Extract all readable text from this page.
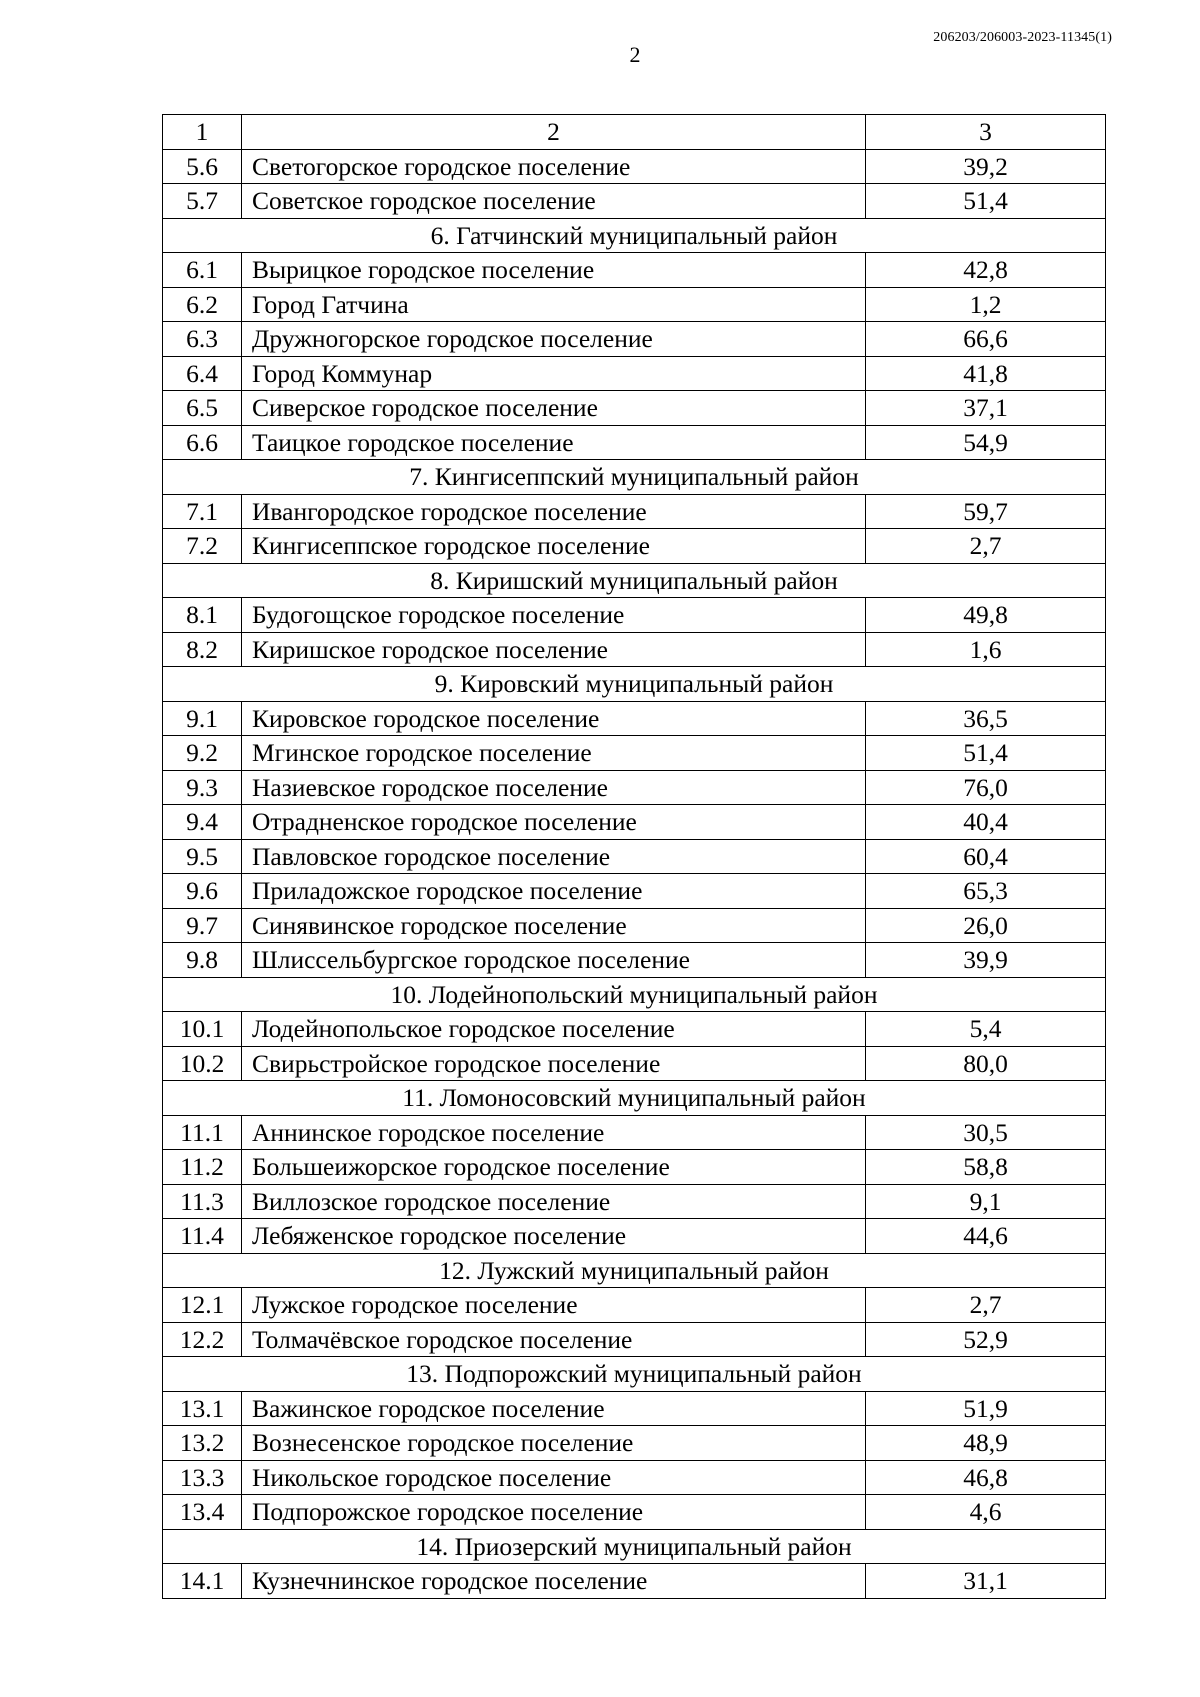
206203/206003-2023-11345(1)
2
1	2	3
5.6	Светогорское городское поселение	39,2
5.7	Советское городское поселение	51,4
6. Гатчинский муниципальный район		
6.1	Вырицкое городское поселение	42,8
6.2	Город Гатчина	1,2
6.3	Дружногорское городское поселение	66,6
6.4	Город Коммунар	41,8
6.5	Сиверское городское поселение	37,1
6.6	Таицкое городское поселение	54,9
7. Кингисеппский муниципальный район		
7.1	Ивангородское городское поселение	59,7
7.2	Кингисеппское городское поселение	2,7
8. Киришский муниципальный район		
8.1	Будогощское городское поселение	49,8
8.2	Киришское городское поселение	1,6
9. Кировский муниципальный район		
9.1	Кировское городское поселение	36,5
9.2	Мгинское городское поселение	51,4
9.3	Назиевское городское поселение	76,0
9.4	Отрадненское городское поселение	40,4
9.5	Павловское городское поселение	60,4
9.6	Приладожское городское поселение	65,3
9.7	Синявинское городское поселение	26,0
9.8	Шлиссельбургское городское поселение	39,9
10. Лодейнопольский муниципальный район		
10.1	Лодейнопольское городское поселение	5,4
10.2	Свирьстройское городское поселение	80,0
11. Ломоносовский муниципальный район		
11.1	Аннинское городское поселение	30,5
11.2	Большеижорское городское поселение	58,8
11.3	Виллозское городское поселение	9,1
11.4	Лебяженское городское поселение	44,6
12. Лужский муниципальный район		
12.1	Лужское городское поселение	2,7
12.2	Толмачёвское городское поселение	52,9
13. Подпорожский муниципальный район		
13.1	Важинское городское поселение	51,9
13.2	Вознесенское городское поселение	48,9
13.3	Никольское городское поселение	46,8
13.4	Подпорожское городское поселение	4,6
14. Приозерский муниципальный район		
14.1	Кузнечнинское городское поселение	31,1
